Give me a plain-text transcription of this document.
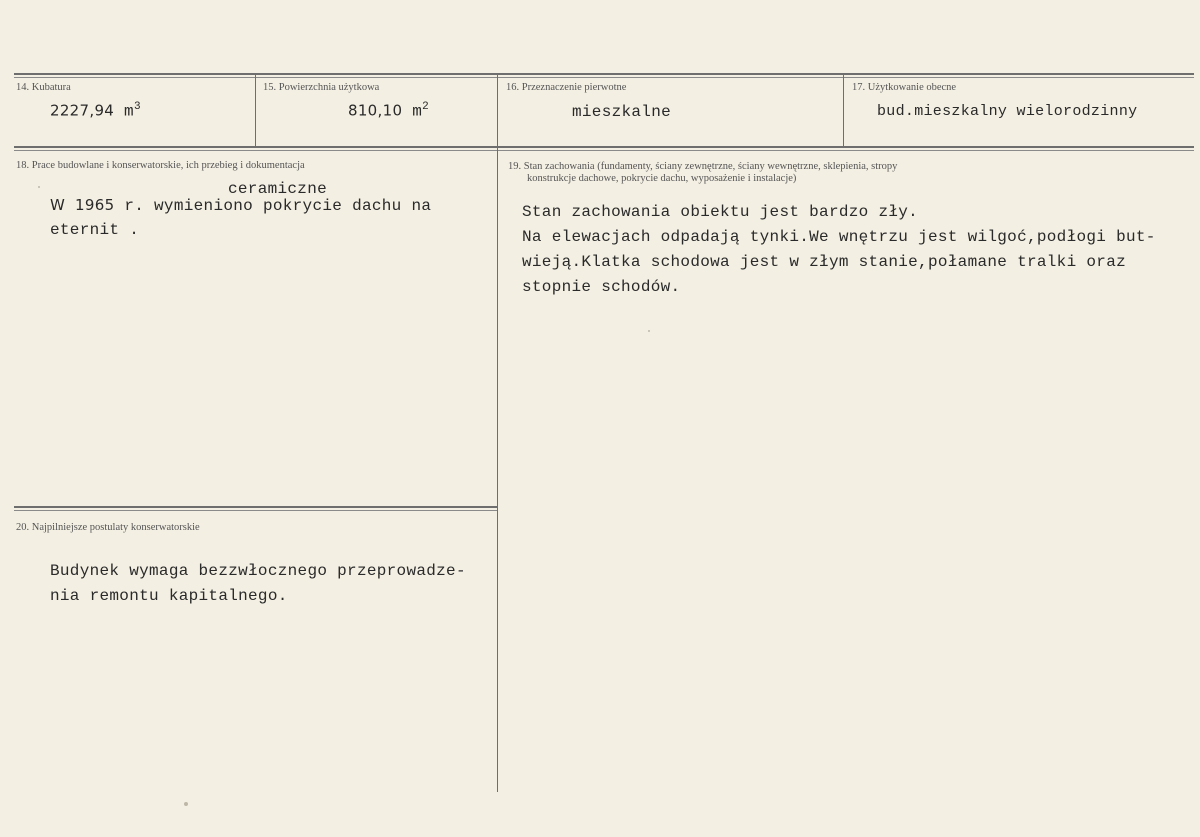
14. Kubatura
2227,94 $m^3$
15. Powierzchnia użytkowa
810,10 $m^2$
16. Przeznaczenie pierwotne
mieszkalne
17. Użytkowanie obecne
bud.mieszkalny wielorodzinny
18. Prace budowlane i konserwatorskie, ich przebieg i dokumentacja
ceramiczne
W 1965 r. wymieniono pokrycie dachu na
eternit .
19. Stan zachowania (fundamenty, ściany zewnętrzne, ściany wewnętrzne, sklepienia, stropy
konstrukcje dachowe, pokrycie dachu, wyposażenie i instalacje)
Stan zachowania obiektu jest bardzo zły.
Na elewacjach odpadają tynki.We wnętrzu jest wilgoć,podłogi but-
wieją.Klatka schodowa jest w złym stanie,połamane tralki oraz
stopnie schodów.
20. Najpilniejsze postulaty konserwatorskie
Budynek wymaga bezzwłocznego przeprowadze-
nia remontu kapitalnego.
